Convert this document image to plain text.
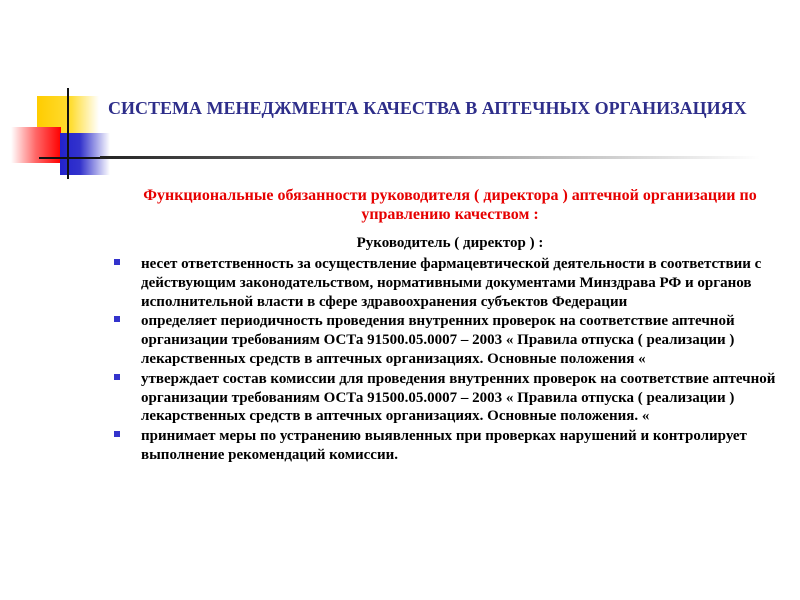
СИСТЕМА МЕНЕДЖМЕНТА КАЧЕСТВА В АПТЕЧНЫХ ОРГАНИЗАЦИЯХ
Функциональные обязанности руководителя ( директора ) аптечной организации по управлению качеством :
Руководитель ( директор ) :
несет ответственность за осуществление фармацевтической деятельности в соответствии с действующим законодательством, нормативными документами Минздрава РФ и органов исполнительной власти в сфере здравоохранения субъектов Федерации
определяет периодичность проведения внутренних проверок на соответствие аптечной организации требованиям ОСТа 91500.05.0007 – 2003 « Правила отпуска ( реализации ) лекарственных средств в аптечных организациях. Основные положения «
утверждает состав комиссии для проведения внутренних проверок на соответствие аптечной организации требованиям ОСТа 91500.05.0007 – 2003 « Правила отпуска ( реализации ) лекарственных средств в аптечных организациях. Основные положения. «
принимает меры по устранению выявленных при проверках нарушений и контролирует выполнение рекомендаций комиссии.
